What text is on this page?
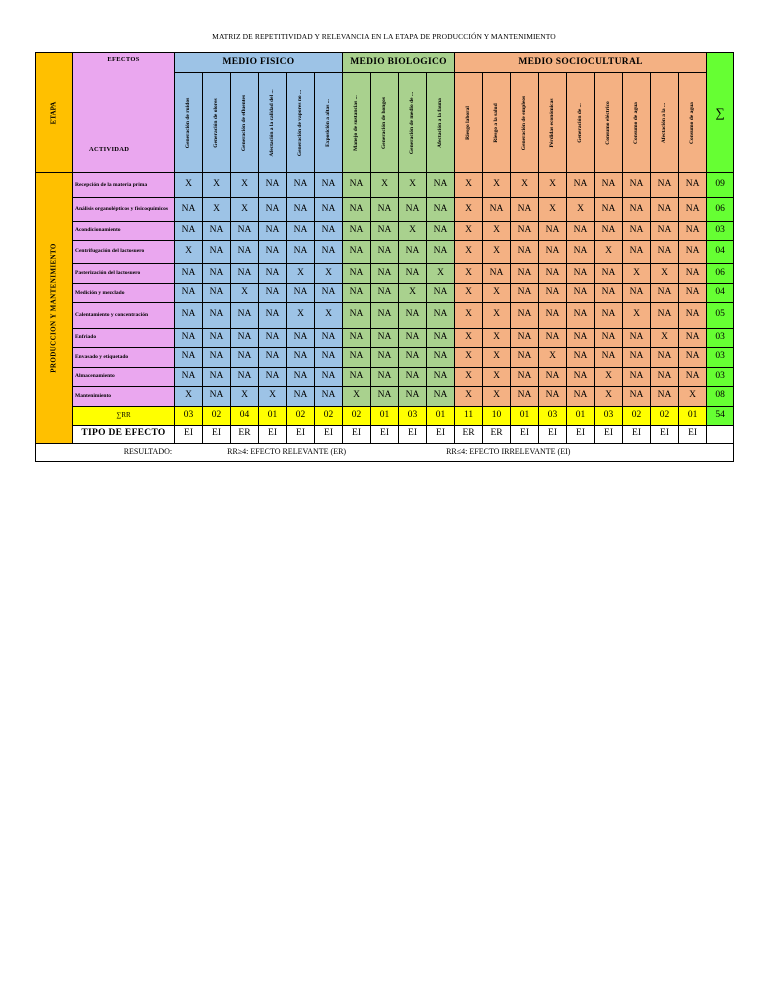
MATRIZ DE REPETITIVIDAD Y RELEVANCIA EN LA ETAPA DE PRODUCCIÓN Y MANTENIMIENTO
ETAPA	EFECTOS
ACTIVIDAD	MEDIO FISICO						MEDIO BIOLOGICO				MEDIO SOCIOCULTURAL									∑

		Generación de ruidos	Generación de olores	Generación de efluentes	Afectación a la calidad del ...	Generación de vapores no ...	Exposición a altas ...	Manejo de sustancias ...	Generación de hongos	Generación de medio de ...	Afectación a la fauna	Riesgo laboral	Riesgo a la salud	Generación de empleos	Pérdidas económicas	Generación de ...	Consumo eléctrico	Consumo de agua	Afectación a la ...	Consumo de agua	

PRODUCCION Y MANTENIMIENTO	Recepción de la materia prima	X	X	X	NA	NA	NA	NA	X	X	NA	X	X	X	X	NA	NA	NA	NA	NA	09
	Análisis organolépticos y fisicoquímicos	NA	X	X	NA	NA	NA	NA	NA	NA	NA	X	NA	NA	X	X	NA	NA	NA	NA	06
	Acondicionamiento	NA	NA	NA	NA	NA	NA	NA	NA	X	NA	X	X	NA	NA	NA	NA	NA	NA	NA	03
	Centrifugación del lactosuero	X	NA	NA	NA	NA	NA	NA	NA	NA	NA	X	X	NA	NA	NA	X	NA	NA	NA	04
	Pasterización del lactosuero	NA	NA	NA	NA	X	X	NA	NA	NA	X	X	NA	NA	NA	NA	NA	X	X	NA	06
	Medición y mezclado	NA	NA	X	NA	NA	NA	NA	NA	X	NA	X	X	NA	NA	NA	NA	NA	NA	NA	04
	Calentamiento y concentración	NA	NA	NA	NA	X	X	NA	NA	NA	NA	X	X	NA	NA	NA	NA	X	NA	NA	05
	Enfriado	NA	NA	NA	NA	NA	NA	NA	NA	NA	NA	X	X	NA	NA	NA	NA	NA	X	NA	03
	Envasado y etiquetado	NA	NA	NA	NA	NA	NA	NA	NA	NA	NA	X	X	NA	X	NA	NA	NA	NA	NA	03
	Almacenamiento	NA	NA	NA	NA	NA	NA	NA	NA	NA	NA	X	X	NA	NA	NA	X	NA	NA	NA	03
	Mantenimiento	X	NA	X	X	NA	NA	X	NA	NA	NA	X	X	NA	NA	NA	X	NA	NA	X	08
	∑RR	03	02	04	01	02	02	02	01	03	01	11	10	01	03	01	03	02	02	01	54
	TIPO DE EFECTO	EI	EI	ER	EI	EI	EI	EI	EI	EI	EI	ER	ER	EI	EI	EI	EI	EI	EI	EI	
RESULTADO: RR≥4: EFECTO RELEVANTE (ER) RR≤4: EFECTO IRRELEVANTE (EI)																					
